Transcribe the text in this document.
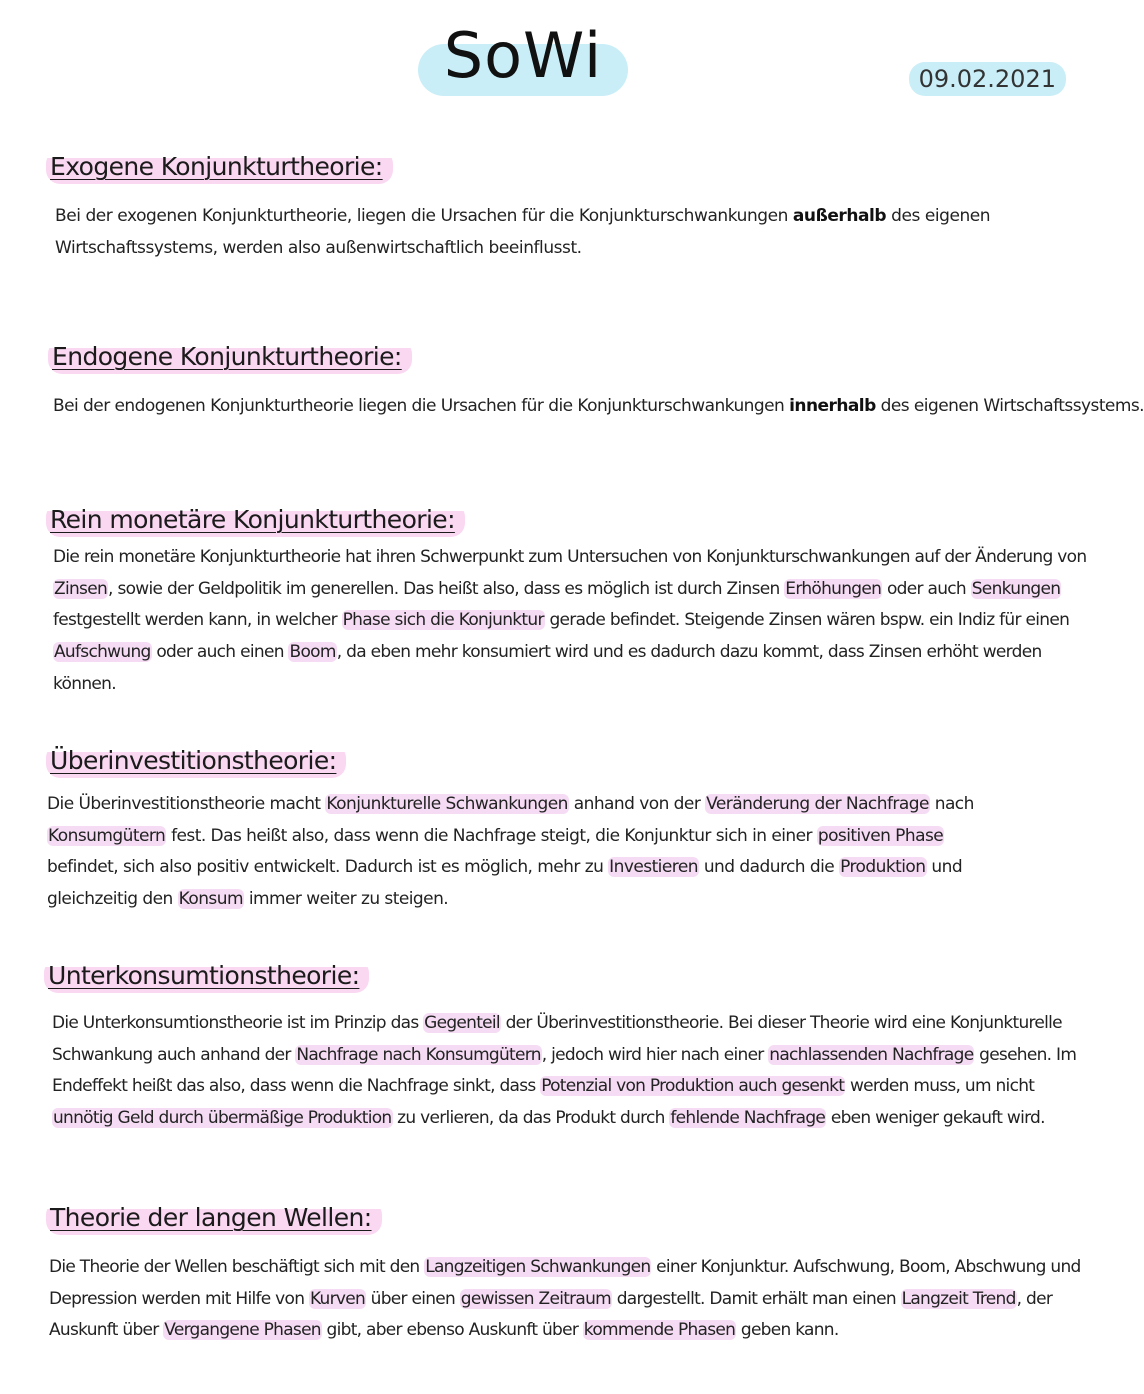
SoWi	09.02.2021
Exogene Konjunkturtheorie:
Bei der exogenen Konjunkturtheorie, liegen die Ursachen für die Konjunkturschwankungen außerhalb des eigenen
Wirtschaftssystems, werden also außenwirtschaftlich beeinflusst.
Endogene Konjunkturtheorie:
Bei der endogenen Konjunkturtheorie liegen die Ursachen für die Konjunkturschwankungen innerhalb des eigenen Wirtschaftssystems.
Rein monetäre Konjunkturtheorie:
Die rein monetäre Konjunkturtheorie hat ihren Schwerpunkt zum Untersuchen von Konjunkturschwankungen auf der Änderung von
Zinsen, sowie der Geldpolitik im generellen. Das heißt also, dass es möglich ist durch Zinsen Erhöhungen oder auch Senkungen
festgestellt werden kann, in welcher Phase sich die Konjunktur gerade befindet. Steigende Zinsen wären bspw. ein Indiz für einen
Aufschwung oder auch einen Boom, da eben mehr konsumiert wird und es dadurch dazu kommt, dass Zinsen erhöht werden
können.
Überinvestitionstheorie:
Die Überinvestitionstheorie macht Konjunkturelle Schwankungen anhand von der Veränderung der Nachfrage nach
Konsumgütern fest. Das heißt also, dass wenn die Nachfrage steigt, die Konjunktur sich in einer positiven Phase
befindet, sich also positiv entwickelt. Dadurch ist es möglich, mehr zu Investieren und dadurch die Produktion und
gleichzeitig den Konsum immer weiter zu steigen.
Unterkonsumtionstheorie:
Die Unterkonsumtionstheorie ist im Prinzip das Gegenteil der Überinvestitionstheorie. Bei dieser Theorie wird eine Konjunkturelle
Schwankung auch anhand der Nachfrage nach Konsumgütern, jedoch wird hier nach einer nachlassenden Nachfrage gesehen. Im
Endeffekt heißt das also, dass wenn die Nachfrage sinkt, dass Potenzial von Produktion auch gesenkt werden muss, um nicht
unnötig Geld durch übermäßige Produktion zu verlieren, da das Produkt durch fehlende Nachfrage eben weniger gekauft wird.
Theorie der langen Wellen:
Die Theorie der Wellen beschäftigt sich mit den Langzeitigen Schwankungen einer Konjunktur. Aufschwung, Boom, Abschwung und
Depression werden mit Hilfe von Kurven über einen gewissen Zeitraum dargestellt. Damit erhält man einen Langzeit Trend, der
Auskunft über Vergangene Phasen gibt, aber ebenso Auskunft über kommende Phasen geben kann.
